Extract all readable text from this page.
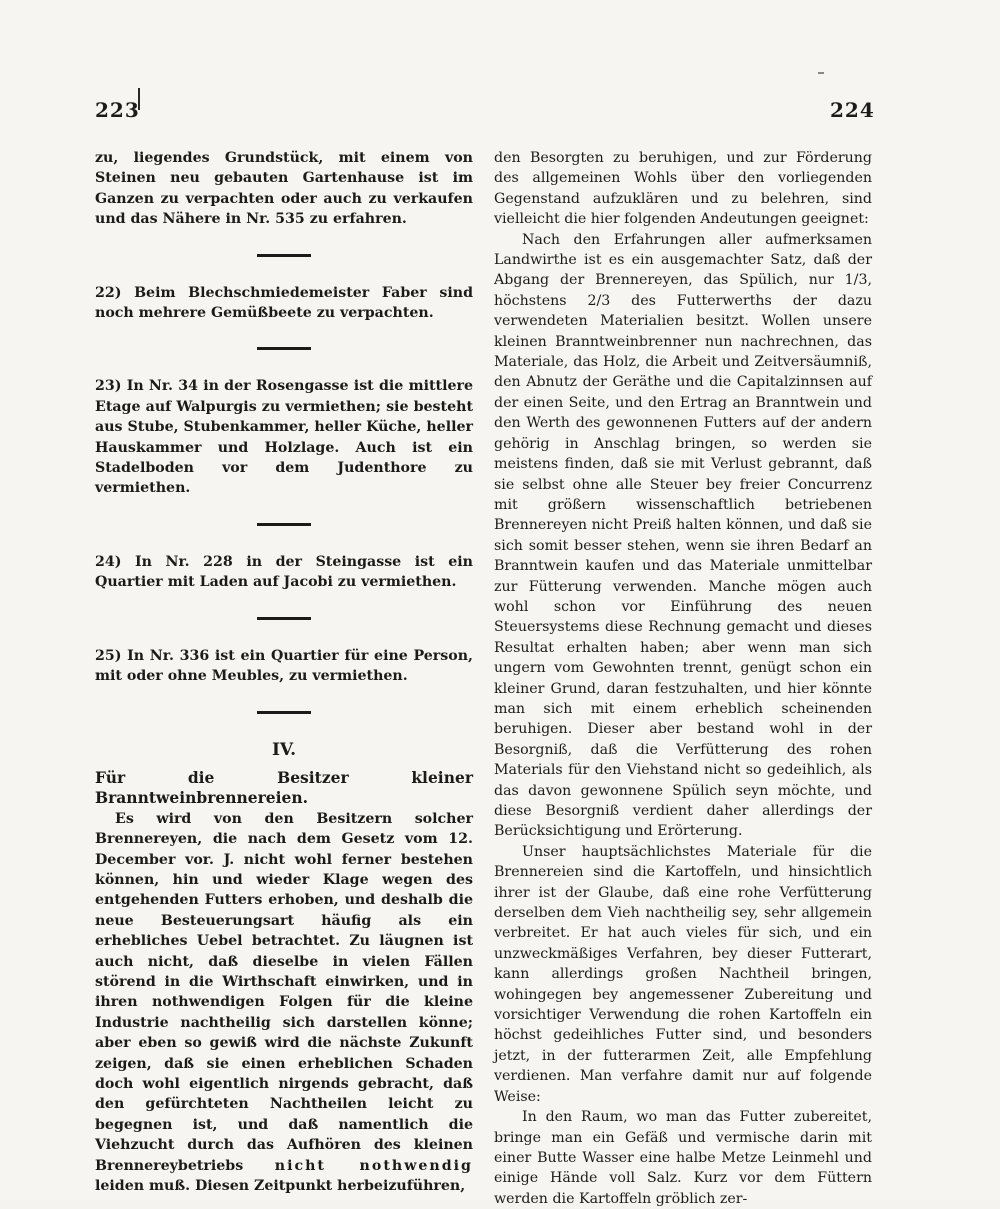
223	224

zu, liegendes Grundstück, mit einem von Steinen neu gebauten Gartenhause ist im Ganzen zu verpachten oder auch zu verkaufen und das Nähere in Nr. 535 zu erfahren.

22) Beim Blechschmiedemeister Faber sind noch mehrere Gemüßbeete zu verpachten.

23) In Nr. 34 in der Rosengasse ist die mittlere Etage auf Walpurgis zu vermiethen; sie besteht aus Stube, Stubenkammer, heller Küche, heller Hauskammer und Holzlage. Auch ist ein Stadelboden vor dem Judenthore zu vermiethen.

24) In Nr. 228 in der Steingasse ist ein Quartier mit Laden auf Jacobi zu vermiethen.

25) In Nr. 336 ist ein Quartier für eine Person, mit oder ohne Meubles, zu vermiethen.

IV.

Für die Besitzer kleiner Branntweinbrennereien.

Es wird von den Besitzern solcher Brennereyen, die nach dem Gesetz vom 12. December vor. J. nicht wohl ferner bestehen können, hin und wieder Klage wegen des entgehenden Futters erhoben, und deshalb die neue Besteuerungsart häufig als ein erhebliches Uebel betrachtet. Zu läugnen ist auch nicht, daß dieselbe in vielen Fällen störend in die Wirthschaft einwirken, und in ihren nothwendigen Folgen für die kleine Industrie nachtheilig sich darstellen könne; aber eben so gewiß wird die nächste Zukunft zeigen, daß sie einen erheblichen Schaden doch wohl eigentlich nirgends gebracht, daß den gefürchteten Nachtheilen leicht zu begegnen ist, und daß namentlich die Viehzucht durch das Aufhören des kleinen Brennereybetriebs nicht nothwendig leiden muß. Diesen Zeitpunkt herbeizuführen,

den Besorgten zu beruhigen, und zur Förderung des allgemeinen Wohls über den vorliegenden Gegenstand aufzuklären und zu belehren, sind vielleicht die hier folgenden Andeutungen geeignet:

Nach den Erfahrungen aller aufmerksamen Landwirthe ist es ein ausgemachter Satz, daß der Abgang der Brennereyen, das Spülich, nur 1/3, höchstens 2/3 des Futterwerths der dazu verwendeten Materialien besitzt. Wollen unsere kleinen Branntweinbrenner nun nachrechnen, das Materiale, das Holz, die Arbeit und Zeitversäumniß, den Abnutz der Geräthe und die Capitalzinnsen auf der einen Seite, und den Ertrag an Branntwein und den Werth des gewonnenen Futters auf der andern gehörig in Anschlag bringen, so werden sie meistens finden, daß sie mit Verlust gebrannt, daß sie selbst ohne alle Steuer bey freier Concurrenz mit größern wissenschaftlich betriebenen Brennereyen nicht Preiß halten können, und daß sie sich somit besser stehen, wenn sie ihren Bedarf an Branntwein kaufen und das Materiale unmittelbar zur Fütterung verwenden. Manche mögen auch wohl schon vor Einführung des neuen Steuersystems diese Rechnung gemacht und dieses Resultat erhalten haben; aber wenn man sich ungern vom Gewohnten trennt, genügt schon ein kleiner Grund, daran festzuhalten, und hier könnte man sich mit einem erheblich scheinenden beruhigen. Dieser aber bestand wohl in der Besorgniß, daß die Verfütterung des rohen Materials für den Viehstand nicht so gedeihlich, als das davon gewonnene Spülich seyn möchte, und diese Besorgniß verdient daher allerdings der Berücksichtigung und Erörterung.

Unser hauptsächlichstes Materiale für die Brennereien sind die Kartoffeln, und hinsichtlich ihrer ist der Glaube, daß eine rohe Verfütterung derselben dem Vieh nachtheilig sey, sehr allgemein verbreitet. Er hat auch vieles für sich, und ein unzweckmäßiges Verfahren, bey dieser Futterart, kann allerdings großen Nachtheil bringen, wohingegen bey angemessener Zubereitung und vorsichtiger Verwendung die rohen Kartoffeln ein höchst gedeihliches Futter sind, und besonders jetzt, in der futterarmen Zeit, alle Empfehlung verdienen. Man verfahre damit nur auf folgende Weise:

In den Raum, wo man das Futter zubereitet, bringe man ein Gefäß und vermische darin mit einer Butte Wasser eine halbe Metze Leinmehl und einige Hände voll Salz. Kurz vor dem Füttern werden die Kartoffeln gröblich zer-
